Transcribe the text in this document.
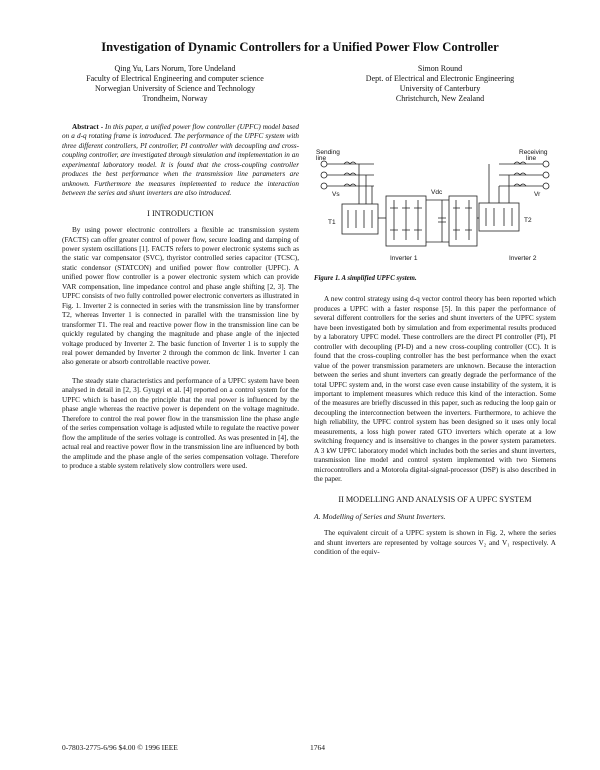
Investigation of Dynamic Controllers for a Unified Power Flow Controller
Qing Yu, Lars Norum, Tore Undeland
Faculty of Electrical Engineering and computer science
Norwegian University of Science and Technology
Trondheim, Norway
Simon Round
Dept. of Electrical and Electronic Engineering
University of Canterbury
Christchurch, New Zealand

Abstract - In this paper, a unified power flow controller (UPFC) model based on a d-q rotating frame is introduced. The performance of the UPFC system with three different controllers, PI controller, PI controller with decoupling and cross-coupling controller, are investigated through simulation and implementation in an experimental laboratory model. It is found that the cross-coupling controller produces the best performance when the transmission line parameters are unknown. Furthermore the measures implemented to reduce the interaction between the series and shunt inverters are also introduced.

I INTRODUCTION

By using power electronic controllers a flexible ac transmission system (FACTS) can offer greater control of power flow, secure loading and damping of power system oscillations [1]. FACTS refers to power electronic systems such as the static var compensator (SVC), thyristor controlled series capacitor (TCSC), static condensor (STATCON) and unified power flow controller (UPFC). A unified power flow controller is a power electronic system which can provide VAR compensation, line impedance control and phase angle shifting [2, 3]. The UPFC consists of two fully controlled power electronic converters as illustrated in Fig. 1. Inverter 2 is connected in series with the transmission line by transformer T2, whereas Inverter 1 is connected in parallel with the transmission line by transformer T1. The real and reactive power flow in the transmission line can be quickly regulated by changing the magnitude and phase angle of the injected voltage produced by Inverter 2. The basic function of Inverter 1 is to supply the real power demanded by Inverter 2 through the common dc link. Inverter 1 can also generate or absorb controllable reactive power.

The steady state characteristics and performance of a UPFC system have been analysed in detail in [2, 3]. Gyugyi et al. [4] reported on a control system for the UPFC which is based on the principle that the real power is influenced by the phase angle whereas the reactive power is dependent on the voltage magnitude. Therefore to control the real power flow in the transmission line the phase angle of the series compensation voltage is adjusted while to regulate the reactive power flow the amplitude of the series voltage is controlled. As was presented in [4], the actual real and reactive power flow in the transmission line are influenced by both the amplitude and the phase angle of the series compensation voltage. Therefore to produce a stable system relatively slow controllers were used.

Sending
line
Receiving
line
Vs	Vr
Vdc
T1	T2
Inverter 1	Inverter 2
Figure 1. A simplified UPFC system.

A new control strategy using d-q vector control theory has been reported which produces a UPFC with a faster response [5]. In this paper the performance of several different controllers for the series and shunt inverters of the UPFC system have been investigated both by simulation and from experimental results produced by a laboratory UPFC model. These controllers are the direct PI controller (PI), PI controller with decoupling (PI-D) and a new cross-coupling controller (CC). It is found that the cross-coupling controller has the best performance when the exact value of the power transmission parameters are unknown. Because the interaction between the series and shunt inverters can greatly degrade the performance of the total UPFC system and, in the worst case even cause instability of the system, it is important to implement measures which reduce this kind of the interaction. Some of the measures are briefly discussed in this paper, such as reducing the loop gain or decoupling the interconnection between the inverters. Furthermore, to achieve the high reliability, the UPFC control system has been designed so it uses only local measurements, a loss high power rated GTO inverters which operate at a low switching frequency and is insensitive to changes in the power system parameters. A 3 kW UPFC laboratory model which includes both the series and shunt inverters, transmission line model and control system implemented with two Siemens microcontrollers and a Motorola digital-signal-processor (DSP) is also described in the paper.

II MODELLING AND ANALYSIS OF A UPFC SYSTEM
A. Modelling of Series and Shunt Inverters.

The equivalent circuit of a UPFC system is shown in Fig. 2, where the series and shunt inverters are represented by voltage sources V₂ and V₁ respectively. A condition of the equiv-

0-7803-2775-6/96 $4.00 © 1996 IEEE	1764
